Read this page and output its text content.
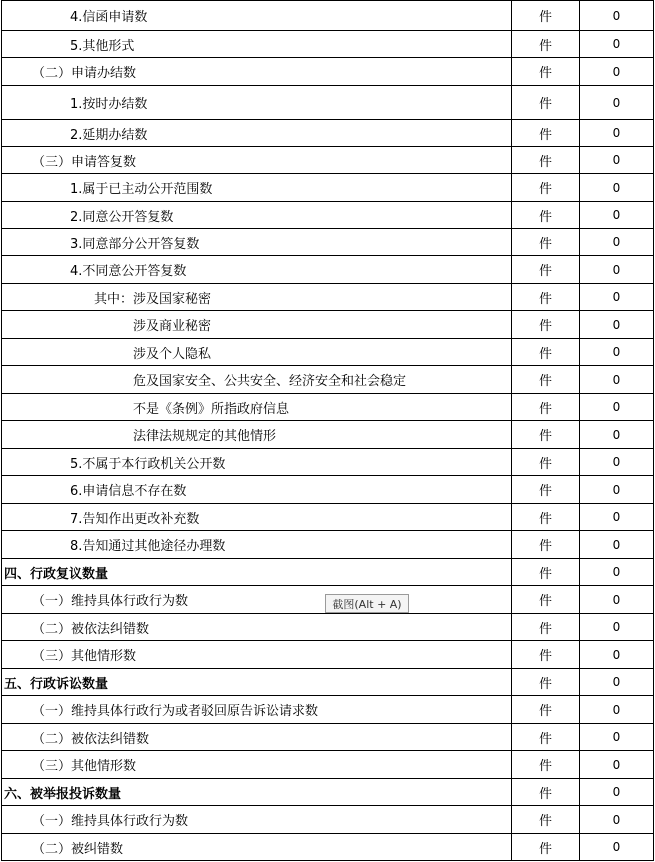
4.信函申请数	件	0
5.其他形式	件	0
（二）申请办结数	件	0
1.按时办结数	件	0
2.延期办结数	件	0
（三）申请答复数	件	0
1.属于已主动公开范围数	件	0
2.同意公开答复数	件	0
3.同意部分公开答复数	件	0
4.不同意公开答复数	件	0
其中：涉及国家秘密	件	0
涉及商业秘密	件	0
涉及个人隐私	件	0
危及国家安全、公共安全、经济安全和社会稳定	件	0
不是《条例》所指政府信息	件	0
法律法规规定的其他情形	件	0
5.不属于本行政机关公开数	件	0
6.申请信息不存在数	件	0
7.告知作出更改补充数	件	0
8.告知通过其他途径办理数	件	0
四、行政复议数量	件	0
（一）维持具体行政行为数	件	0
（二）被依法纠错数	件	0
（三）其他情形数	件	0
五、行政诉讼数量	件	0
（一）维持具体行政行为或者驳回原告诉讼请求数	件	0
（二）被依法纠错数	件	0
（三）其他情形数	件	0
六、被举报投诉数量	件	0
（一）维持具体行政行为数	件	0
（二）被纠错数	件	0
截图(Alt + A)
